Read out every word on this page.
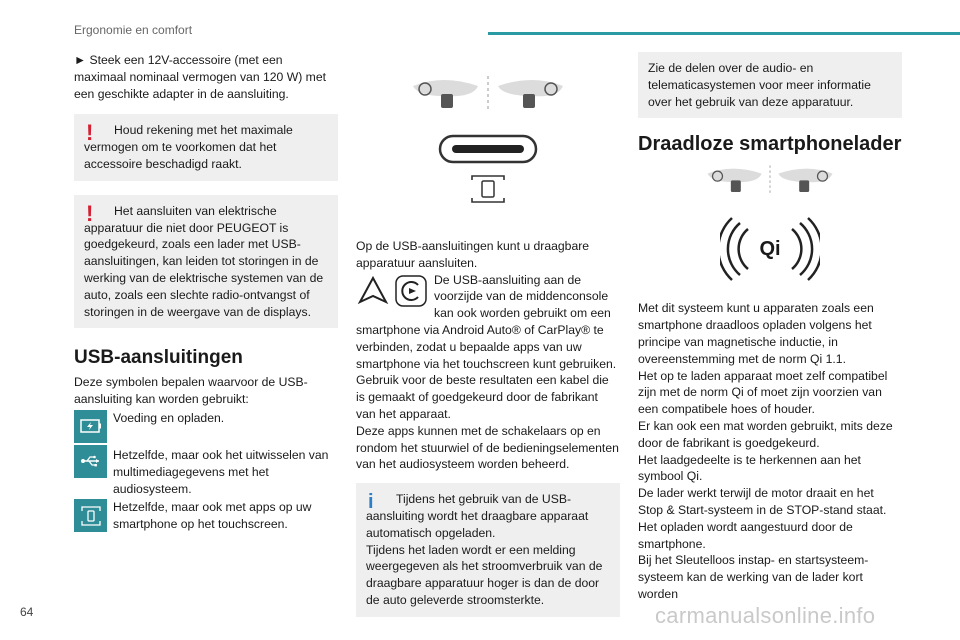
Ergonomie en comfort

► Steek een 12V-accessoire (met een maximaal nominaal vermogen van 120 W) met een geschikte adapter in de aansluiting.

!	Houd rekening met het maximale vermogen om te voorkomen dat het accessoire beschadigd raakt.

!	Het aansluiten van elektrische apparatuur die niet door PEUGEOT is goedgekeurd, zoals een lader met USB-aansluitingen, kan leiden tot storingen in de werking van de elektrische systemen van de auto, zoals een slechte radio-ontvangst of storingen in de weergave van de displays.

USB-aansluitingen

Deze symbolen bepalen waarvoor de USB-aansluiting kan worden gebruikt:

Voeding en opladen.

Hetzelfde, maar ook het uitwisselen van multimediagegevens met het audiosysteem.

Hetzelfde, maar ook met apps op uw smartphone op het touchscreen.

Op de USB-aansluitingen kunt u draagbare apparatuur aansluiten.

De USB-aansluiting aan de voorzijde van de middenconsole kan ook worden gebruikt om een smartphone via Android Auto® of CarPlay® te verbinden, zodat u bepaalde apps van uw smartphone via het touchscreen kunt gebruiken.

Gebruik voor de beste resultaten een kabel die is gemaakt of goedgekeurd door de fabrikant van het apparaat.

Deze apps kunnen met de schakelaars op en rondom het stuurwiel of de bedieningselementen van het audiosysteem worden beheerd.

i	Tijdens het gebruik van de USB-aansluiting wordt het draagbare apparaat automatisch opgeladen.
Tijdens het laden wordt er een melding weergegeven als het stroomverbruik van de draagbare apparatuur hoger is dan de door de auto geleverde stroomsterkte.

Zie de delen over de audio- en telematicasystemen voor meer informatie over het gebruik van deze apparatuur.

Draadloze smartphonelader
Qi

Met dit systeem kunt u apparaten zoals een smartphone draadloos opladen volgens het principe van magnetische inductie, in overeenstemming met de norm Qi 1.1.

Het op te laden apparaat moet zelf compatibel zijn met de norm Qi of moet zijn voorzien van een compatibele hoes of houder.

Er kan ook een mat worden gebruikt, mits deze door de fabrikant is goedgekeurd.

Het laadgedeelte is te herkennen aan het symbool Qi.

De lader werkt terwijl de motor draait en het Stop & Start-systeem in de STOP-stand staat.

Het opladen wordt aangestuurd door de smartphone.

Bij het Sleutelloos instap- en startsysteem-systeem kan de werking van de lader kort worden

64	carmanualsonline.info
